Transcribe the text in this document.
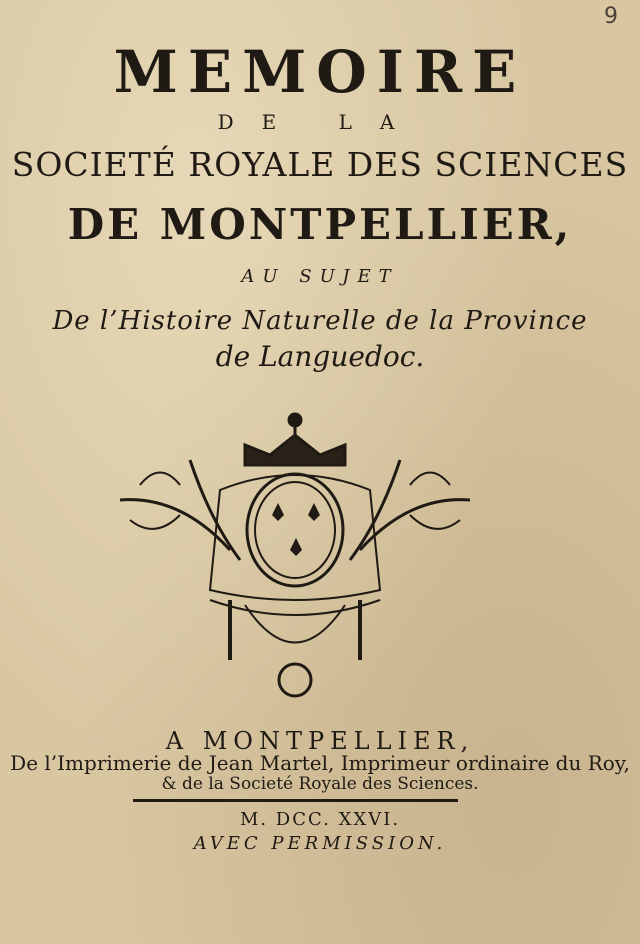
9
MEMOIRE
DE LA
SOCIETÉ ROYALE DES SCIENCES
DE MONTPELLIER,
AU SUJET
De l’Histoire Naturelle de la Province
de Languedoc.
A MONTPELLIER,
De l’Imprimerie de Jean Martel, Imprimeur ordinaire du Roy,
& de la Societé Royale des Sciences.
M. DCC. XXVI.
AVEC PERMISSION.
